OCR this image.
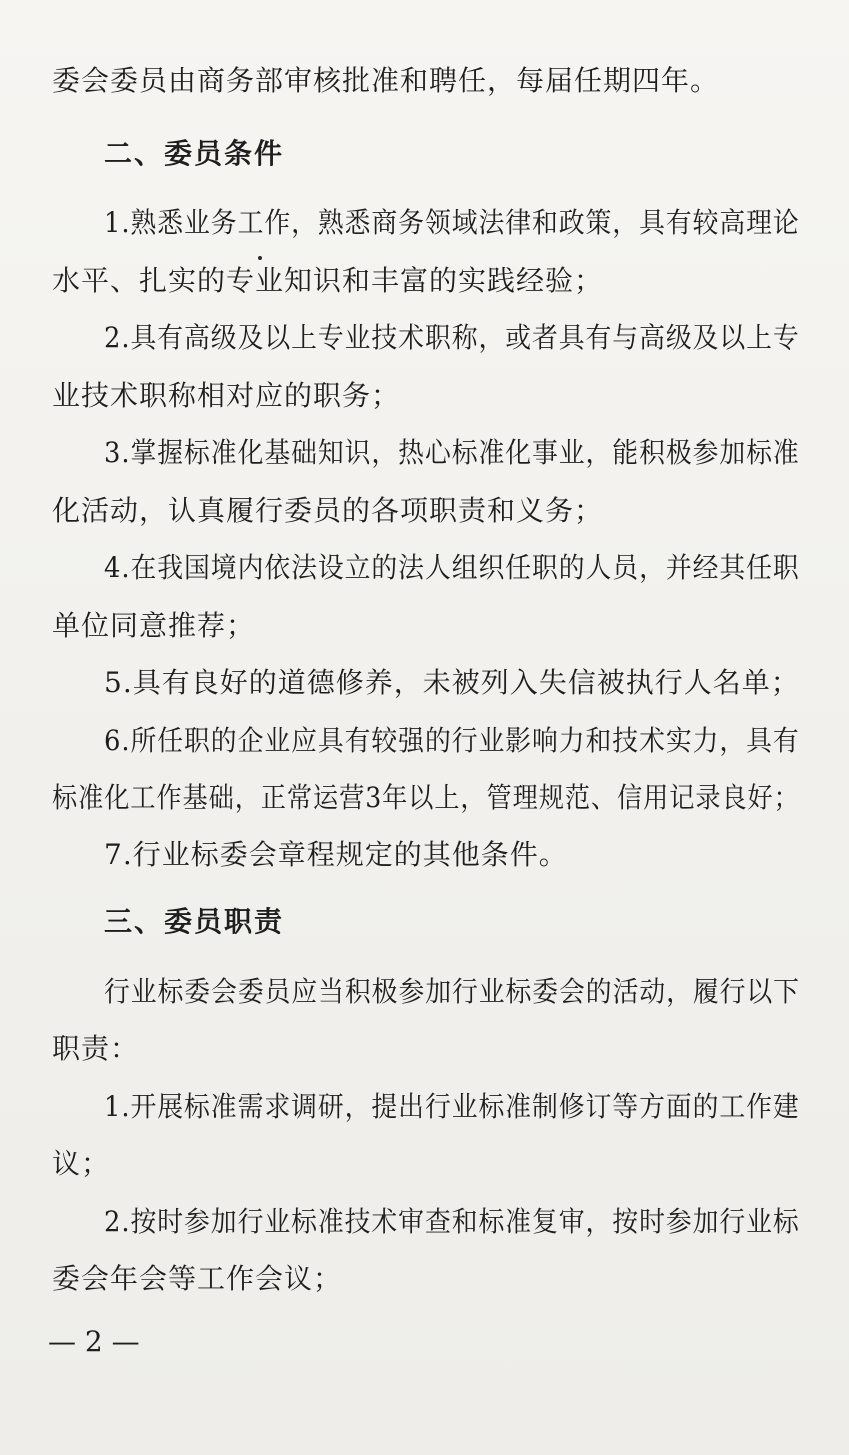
委会委员由商务部审核批准和聘任，每届任期四年。
二、委员条件
1.熟悉业务工作，熟悉商务领域法律和政策，具有较高理论
水平、扎实的专业知识和丰富的实践经验；
2.具有高级及以上专业技术职称，或者具有与高级及以上专
业技术职称相对应的职务；
3.掌握标准化基础知识，热心标准化事业，能积极参加标准
化活动，认真履行委员的各项职责和义务；
4.在我国境内依法设立的法人组织任职的人员，并经其任职
单位同意推荐；
5.具有良好的道德修养，未被列入失信被执行人名单；
6.所任职的企业应具有较强的行业影响力和技术实力，具有
标准化工作基础，正常运营3年以上，管理规范、信用记录良好；
7.行业标委会章程规定的其他条件。
三、委员职责
行业标委会委员应当积极参加行业标委会的活动，履行以下
职责：
1.开展标准需求调研，提出行业标准制修订等方面的工作建
议；
2.按时参加行业标准技术审查和标准复审，按时参加行业标
委会年会等工作会议；
— 2 —
